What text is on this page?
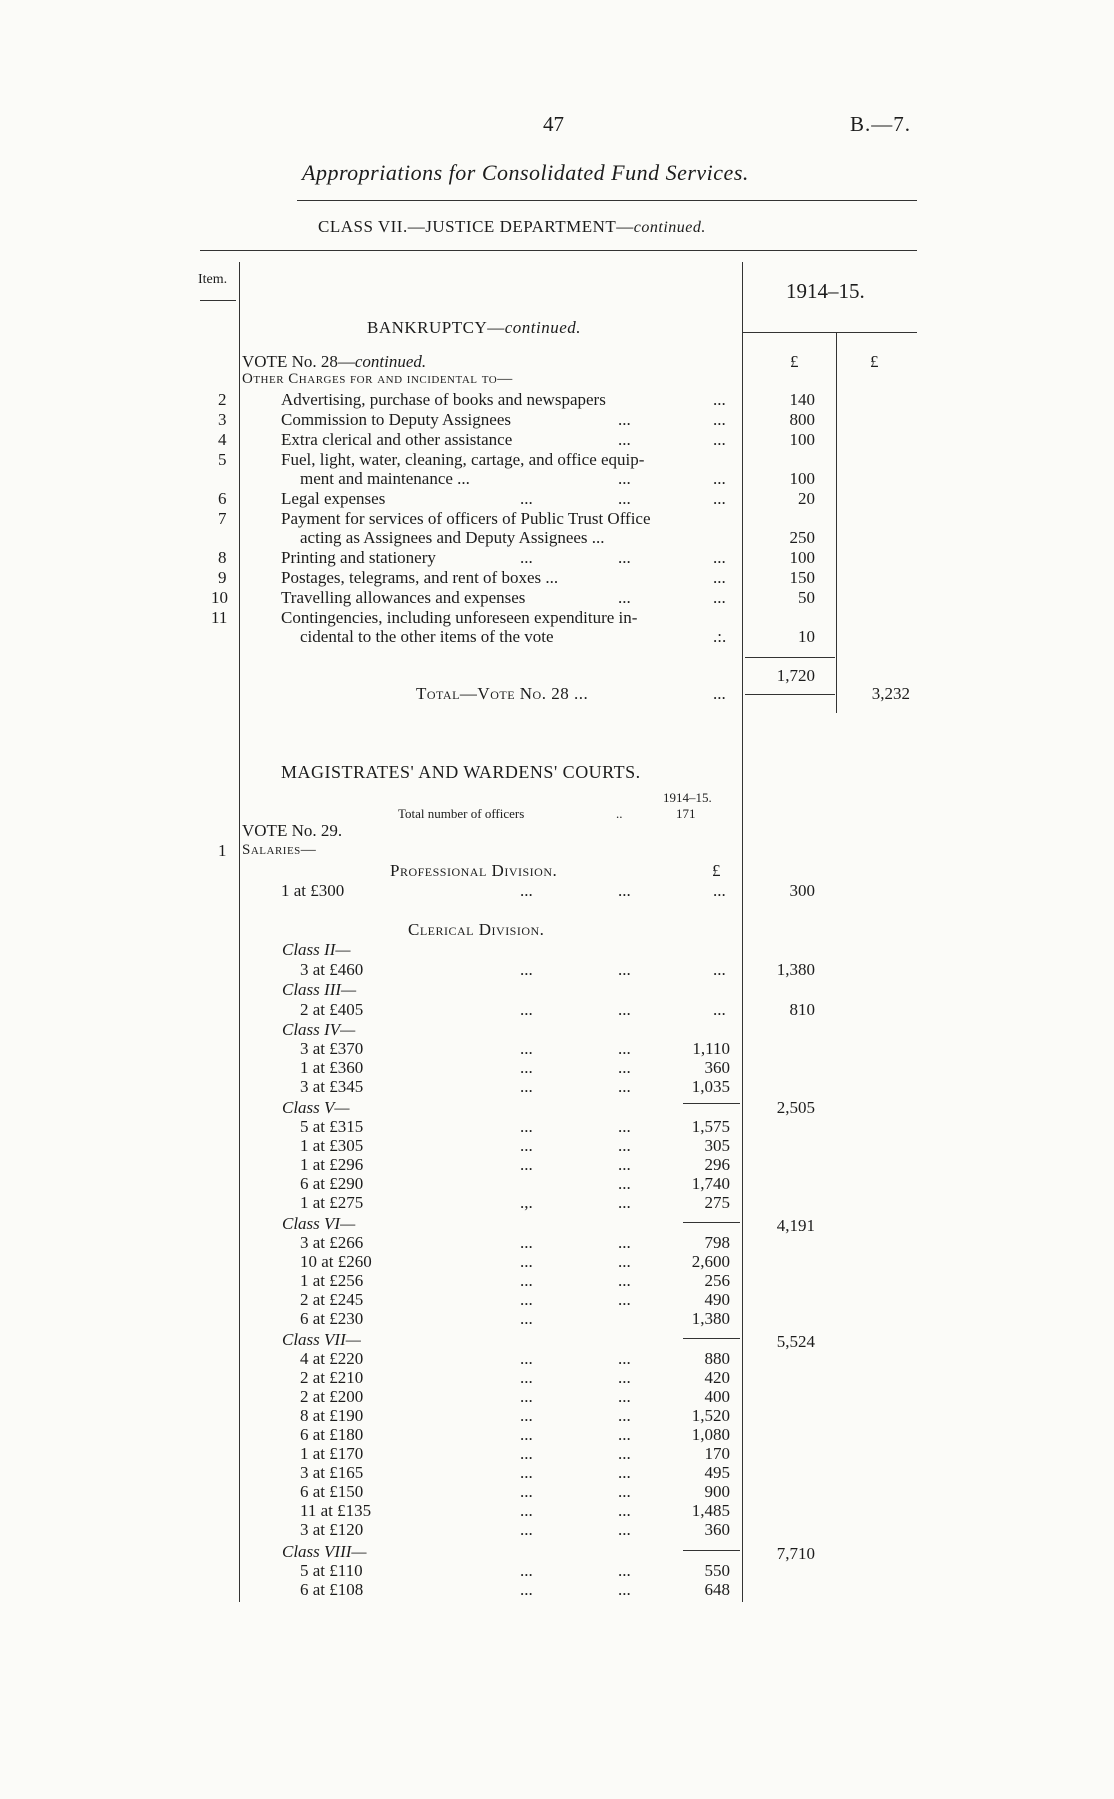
47	B.—7.
Appropriations for Consolidated Fund Services.
CLASS VII.—JUSTICE DEPARTMENT—continued.
Item.	1914–15.
£	£
BANKRUPTCY—continued.
VOTE No. 28—continued.
Other Charges for and incidental to—
2	Advertising, purchase of books and newspapers	...	140
3	Commission to Deputy Assignees	...	...	800
4	Extra clerical and other assistance	...	...	100
5	Fuel, light, water, cleaning, cartage, and office equip-
ment and maintenance ...	...	...	100
6	Legal expenses	...	...	...	20
7	Payment for services of officers of Public Trust Office
acting as Assignees and Deputy Assignees ...	250
8	Printing and stationery	...	...	...	100
9	Postages, telegrams, and rent of boxes ...	...	150
10	Travelling allowances and expenses	...	...	50
11	Contingencies, including unforeseen expenditure in-
cidental to the other items of the vote	.:.	10
1,720
Total—Vote No. 28 ...	...	3,232
MAGISTRATES' AND WARDENS' COURTS.
1914–15.
Total number of officers	..	171
VOTE No. 29.
1 Salaries—
Professional Division.	£
1 at £300	...	...	...	300
Clerical Division.
Class II—
3 at £460	...	...	...	1,380
Class III—
2 at £405	...	...	...	810
Class IV—
3 at £370	...	...	1,110
1 at £360	...	...	360
3 at £345	...	...	1,035
2,505
Class V—
5 at £315	...	...	1,575
1 at £305	...	...	305
1 at £296	...	...	296
6 at £290	...	1,740
1 at £275	.,.	...	275
4,191
Class VI—
3 at £266	...	...	798
10 at £260	...	...	2,600
1 at £256	...	...	256
2 at £245	...	...	490
6 at £230	...	1,380
5,524
Class VII—
4 at £220	...	...	880
2 at £210	...	...	420
2 at £200	...	...	400
8 at £190	...	...	1,520
6 at £180	...	...	1,080
1 at £170	...	...	170
3 at £165	...	...	495
6 at £150	...	...	900
11 at £135	...	...	1,485
3 at £120	...	...	360
7,710
Class VIII—
5 at £110	...	...	550
6 at £108	...	...	648
